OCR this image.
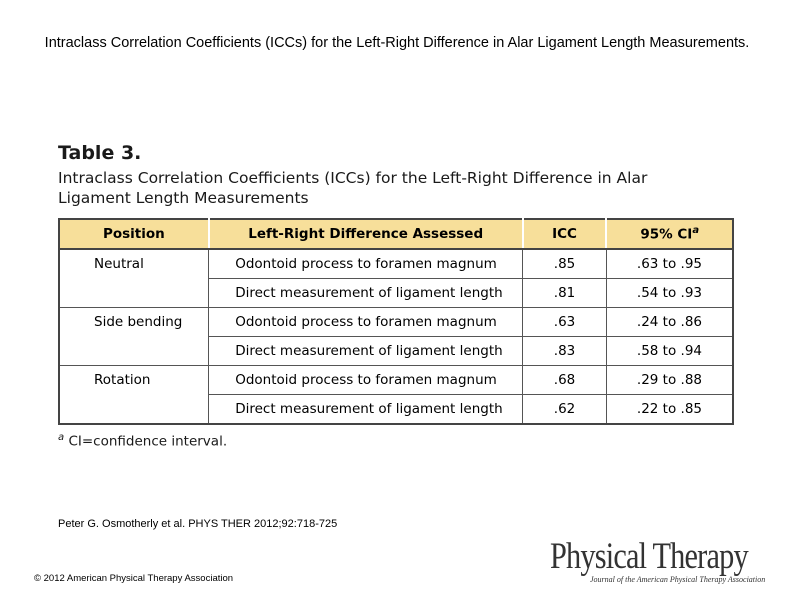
Intraclass Correlation Coefficients (ICCs) for the Left-Right Difference in Alar Ligament Length Measurements.
Table 3.
Intraclass Correlation Coefficients (ICCs) for the Left-Right Difference in Alar Ligament Length Measurements
Position	Left-Right Difference Assessed	ICC	95% $CI^a$
Neutral	Odontoid process to foramen magnum	.85	.63 to .95
	Direct measurement of ligament length	.81	.54 to .93
Side bending	Odontoid process to foramen magnum	.63	.24 to .86
	Direct measurement of ligament length	.83	.58 to .94
Rotation	Odontoid process to foramen magnum	.68	.29 to .88
	Direct measurement of ligament length	.62	.22 to .85
$^a$ CI=confidence interval.
Peter G. Osmotherly et al. PHYS THER 2012;92:718-725
© 2012 American Physical Therapy Association
Physical Therapy
Journal of the American Physical Therapy Association
